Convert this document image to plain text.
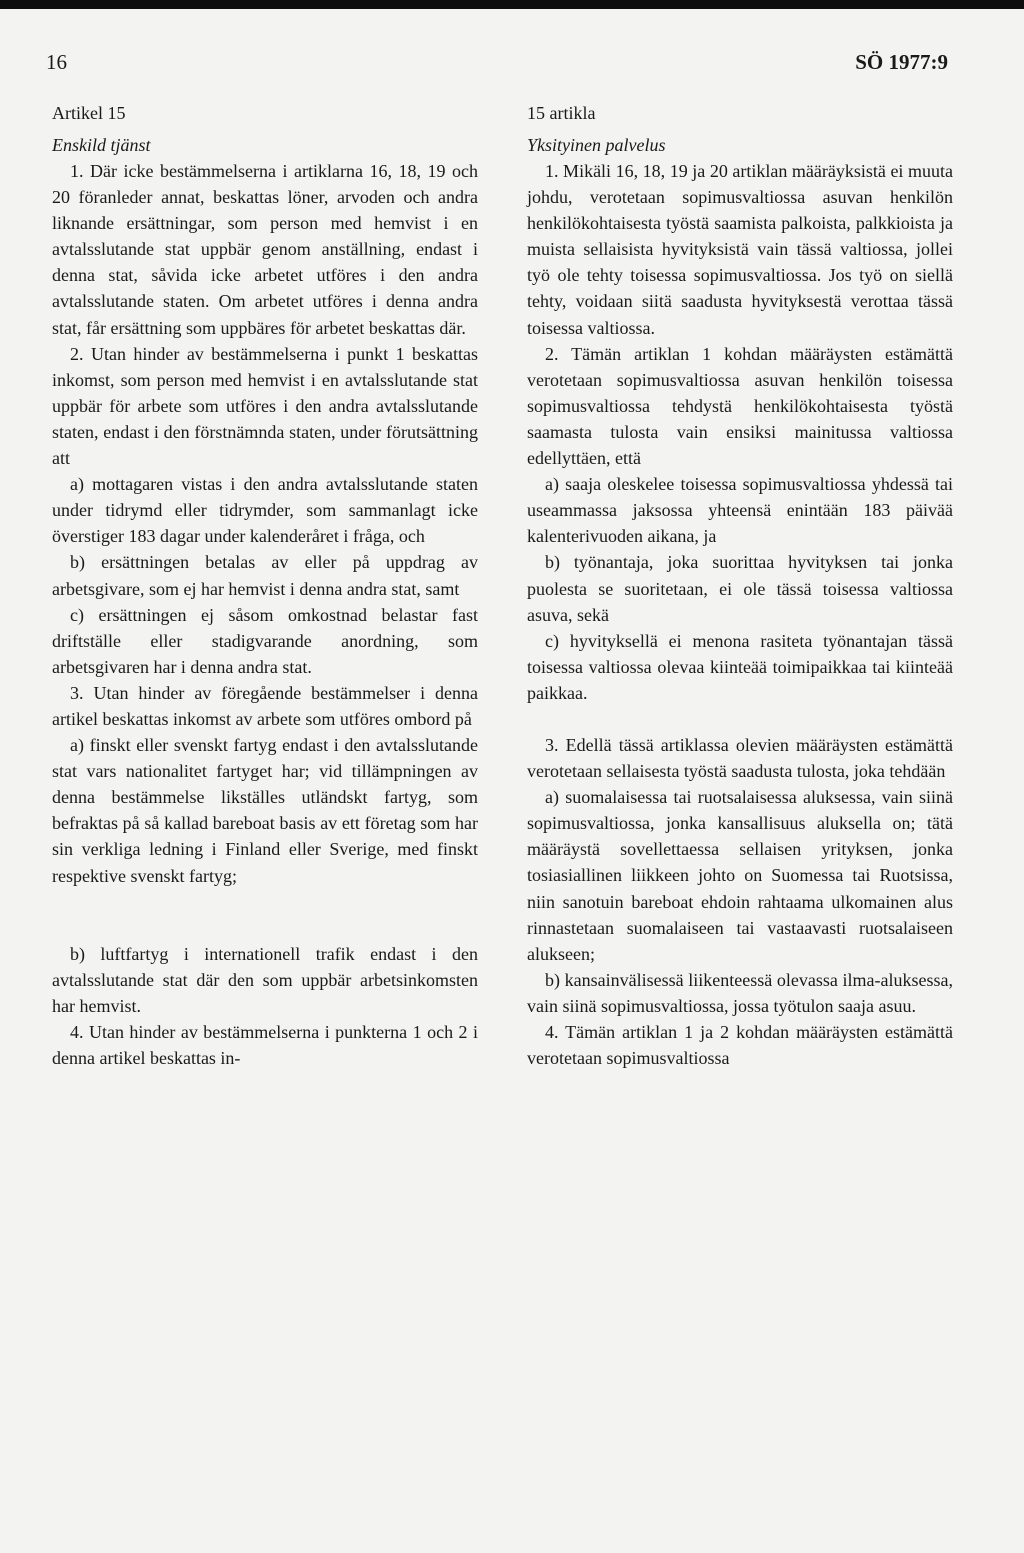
16	SÖ 1977:9
Artikel 15
Enskild tjänst

1. Där icke bestämmelserna i artiklarna 16, 18, 19 och 20 föranleder annat, beskattas löner, arvoden och andra liknande ersättningar, som person med hemvist i en avtalsslutande stat uppbär genom anställning, endast i denna stat, såvida icke arbetet utföres i den andra avtalsslutande staten. Om arbetet utföres i denna andra stat, får ersättning som uppbäres för arbetet beskattas där.

2. Utan hinder av bestämmelserna i punkt 1 beskattas inkomst, som person med hemvist i en avtalsslutande stat uppbär för arbete som utföres i den andra avtalsslutande staten, endast i den förstnämnda staten, under förutsättning att

a) mottagaren vistas i den andra avtalsslutande staten under tidrymd eller tidrymder, som sammanlagt icke överstiger 183 dagar under kalenderåret i fråga, och

b) ersättningen betalas av eller på uppdrag av arbetsgivare, som ej har hemvist i denna andra stat, samt

c) ersättningen ej såsom omkostnad belastar fast driftställe eller stadigvarande anordning, som arbetsgivaren har i denna andra stat.

3. Utan hinder av föregående bestämmelser i denna artikel beskattas inkomst av arbete som utföres ombord på

a) finskt eller svenskt fartyg endast i den avtalsslutande stat vars nationalitet fartyget har; vid tillämpningen av denna bestämmelse likställes utländskt fartyg, som befraktas på så kallad bareboat basis av ett företag som har sin verkliga ledning i Finland eller Sverige, med finskt respektive svenskt fartyg;

b) luftfartyg i internationell trafik endast i den avtalsslutande stat där den som uppbär arbetsinkomsten har hemvist.

4. Utan hinder av bestämmelserna i punkterna 1 och 2 i denna artikel beskattas in-

15 artikla
Yksityinen palvelus

1. Mikäli 16, 18, 19 ja 20 artiklan määräyksistä ei muuta johdu, verotetaan sopimusvaltiossa asuvan henkilön henkilökohtaisesta työstä saamista palkoista, palkkioista ja muista sellaisista hyvityksistä vain tässä valtiossa, jollei työ ole tehty toisessa sopimusvaltiossa. Jos työ on siellä tehty, voidaan siitä saadusta hyvityksestä verottaa tässä toisessa valtiossa.

2. Tämän artiklan 1 kohdan määräysten estämättä verotetaan sopimusvaltiossa asuvan henkilön toisessa sopimusvaltiossa tehdystä henkilökohtaisesta työstä saamasta tulosta vain ensiksi mainitussa valtiossa edellyttäen, että

a) saaja oleskelee toisessa sopimusvaltiossa yhdessä tai useammassa jaksossa yhteensä enintään 183 päivää kalenterivuoden aikana, ja

b) työnantaja, joka suorittaa hyvityksen tai jonka puolesta se suoritetaan, ei ole tässä toisessa valtiossa asuva, sekä

c) hyvityksellä ei menona rasiteta työnantajan tässä toisessa valtiossa olevaa kiinteää toimipaikkaa tai kiinteää paikkaa.

3. Edellä tässä artiklassa olevien määräysten estämättä verotetaan sellaisesta työstä saadusta tulosta, joka tehdään

a) suomalaisessa tai ruotsalaisessa aluksessa, vain siinä sopimusvaltiossa, jonka kansallisuus aluksella on; tätä määräystä sovellettaessa sellaisen yrityksen, jonka tosiasiallinen liikkeen johto on Suomessa tai Ruotsissa, niin sanotuin bareboat ehdoin rahtaama ulkomainen alus rinnastetaan suomalaiseen tai vastaavasti ruotsalaiseen alukseen;

b) kansainvälisessä liikenteessä olevassa ilma-aluksessa, vain siinä sopimusvaltiossa, jossa työtulon saaja asuu.

4. Tämän artiklan 1 ja 2 kohdan määräysten estämättä verotetaan sopimusvaltiossa
